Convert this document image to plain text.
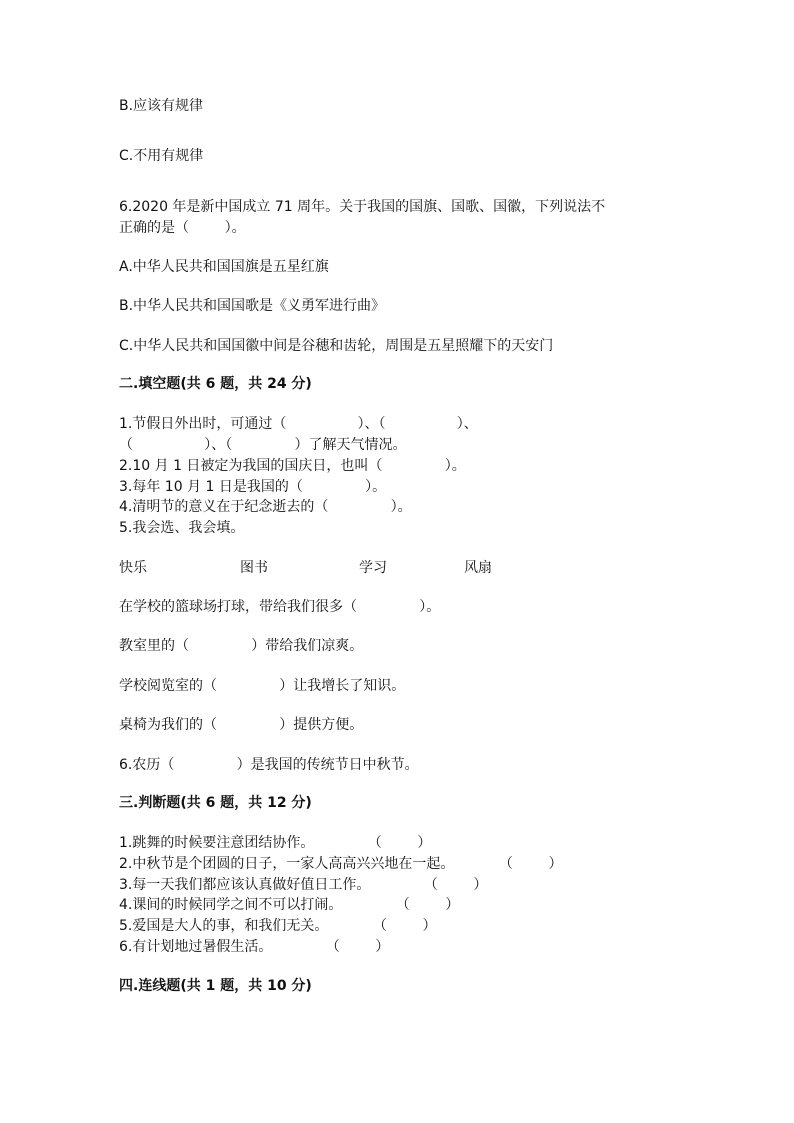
B.应该有规律
C.不用有规律
6.2020 年是新中国成立 71 周年。关于我国的国旗、国歌、国徽，下列说法不
正确的是（        ）。
A.中华人民共和国国旗是五星红旗
B.中华人民共和国国歌是《义勇军进行曲》
C.中华人民共和国国徽中间是谷穗和齿轮，周围是五星照耀下的天安门
二.填空题(共 6 题，共 24 分)
1.节假日外出时，可通过（                ）、（                ）、
（                ）、（              ）了解天气情况。
2.10 月 1 日被定为我国的国庆日，也叫（              ）。
3.每年 10 月 1 日是我国的（              ）。
4.清明节的意义在于纪念逝去的（              ）。
5.我会选、我会填。
快乐	图书	学习	风扇
在学校的篮球场打球，带给我们很多（              ）。
教室里的（              ）带给我们凉爽。
学校阅览室的（              ）让我增长了知识。
桌椅为我们的（              ）提供方便。
6.农历（              ）是我国的传统节日中秋节。
三.判断题(共 6 题，共 12 分)
1.跳舞的时候要注意团结协作。            （        ）
2.中秋节是个团圆的日子，一家人高高兴兴地在一起。          （        ）
3.每一天我们都应该认真做好值日工作。            （        ）
4.课间的时候同学之间不可以打闹。            （        ）
5.爱国是大人的事，和我们无关。          （        ）
6.有计划地过暑假生活。            （        ）
四.连线题(共 1 题，共 10 分)
